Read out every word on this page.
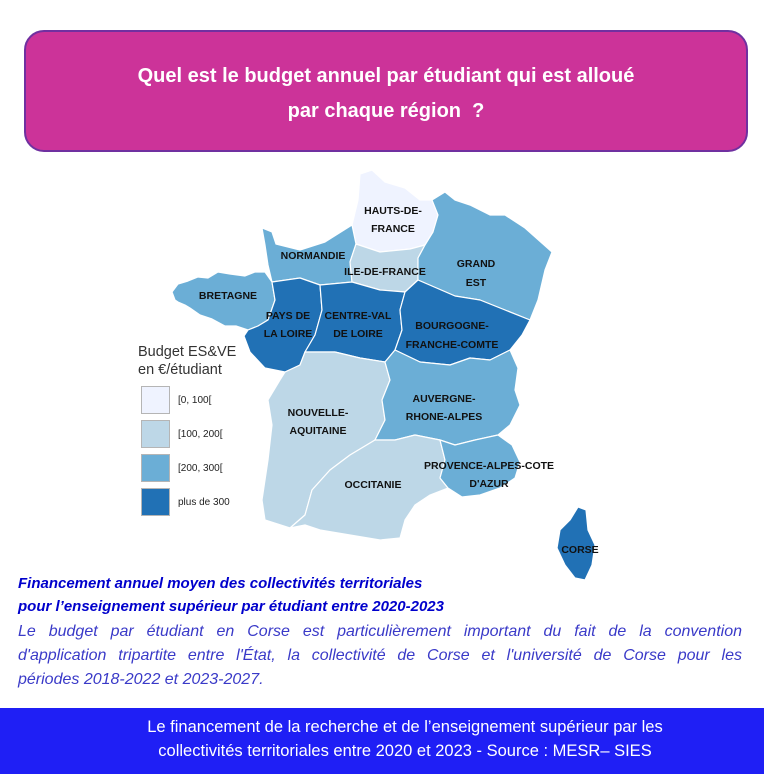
HAUTS-DE-
FRANCE
NORMANDIE
ILE-DE-FRANCE
GRAND
EST
BRETAGNE
PAYS DE
LA LOIRE
CENTRE-VAL
DE LOIRE
BOURGOGNE-
FRANCHE-COMTE
NOUVELLE-
AQUITAINE
AUVERGNE-
RHONE-ALPES
OCCITANIE
PROVENCE-ALPES-COTE
D'AZUR
CORSE
Quel est le budget annuel par étudiant qui est alloué
par chaque région  ?
Budget ES&VE
en €/étudiant
[0, 100[
[100, 200[
[200, 300[
plus de 300
Financement annuel moyen des collectivités territoriales
pour l’enseignement supérieur par étudiant entre 2020-2023
Le budget par étudiant en Corse est particulièrement important du fait de la convention
d'application tripartite entre l'État, la collectivité de Corse et l'université de Corse pour les
périodes 2018-2022 et 2023-2027.
Le financement de la recherche et de l’enseignement supérieur par les
collectivités territoriales entre 2020 et 2023 - Source : MESR– SIES
